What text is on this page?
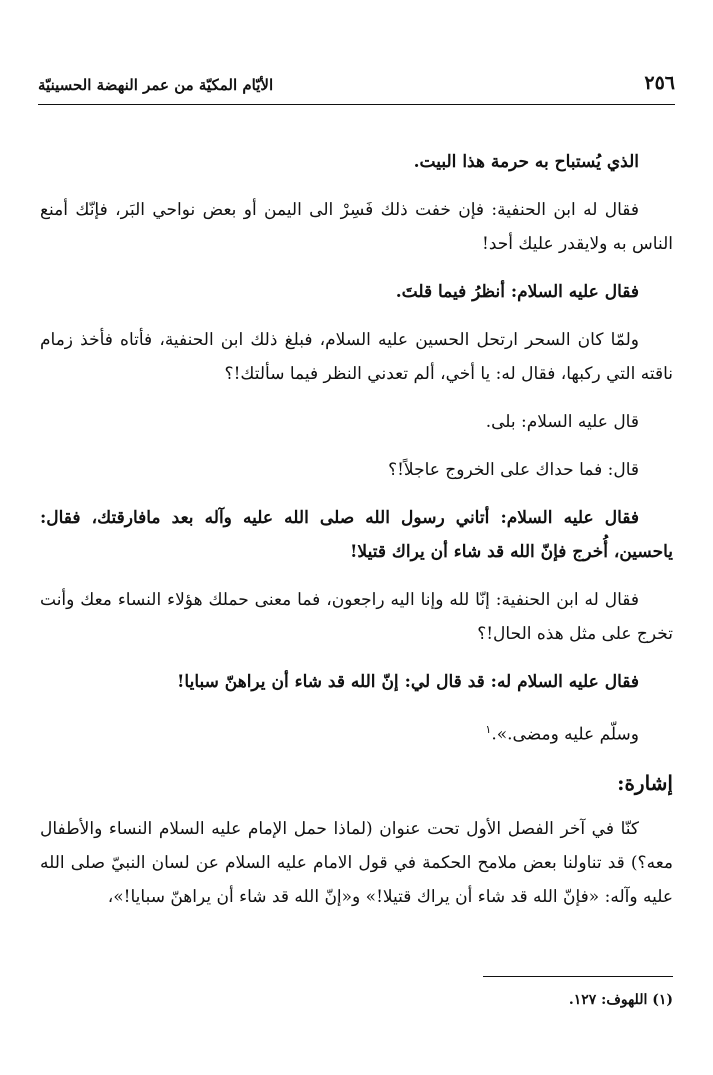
٢٥٦
الأيّام المكيّة من عمر النهضة الحسينيّة

الذي يُستباح به حرمة هذا البيت.

فقال له ابن الحنفية: فإن خفت ذلك فَسِرْ الى اليمن أو بعض نواحي البَر، فإنّك أمنع الناس به ولايقدر عليك أحد!

فقال عليه السلام: أنظرُ فيما قلتَ.

ولمّا كان السحر ارتحل الحسين عليه السلام، فبلغ ذلك ابن الحنفية، فأتاه فأخذ زمام ناقته التي ركبها، فقال له: يا أخي، ألم تعدني النظر فيما سألتك!؟

قال عليه السلام: بلى.

قال: فما حداك على الخروج عاجلاً!؟

فقال عليه السلام: أتاني رسول الله صلى الله عليه وآله بعد مافارقتك، فقال: ياحسين، أُخرج فإنّ الله قد شاء أن يراك قتيلا!

فقال له ابن الحنفية: إنّا لله وإنا اليه راجعون، فما معنى حملك هؤلاء النساء معك وأنت تخرج على مثل هذه الحال!؟

فقال عليه السلام له: قد قال لي: إنّ الله قد شاء أن يراهنّ سبايا!

وسلّم عليه ومضى.».$^١$

إشارة:

كنّا في آخر الفصل الأول تحت عنوان (لماذا حمل الإمام عليه السلام النساء والأطفال معه؟) قد تناولنا بعض ملامح الحكمة في قول الامام عليه السلام عن لسان النبيّ صلى الله عليه وآله: «فإنّ الله قد شاء أن يراك قتيلا!» و«إنّ الله قد شاء أن يراهنّ سبايا!»،

(١) اللهوف: ١٢٧.
